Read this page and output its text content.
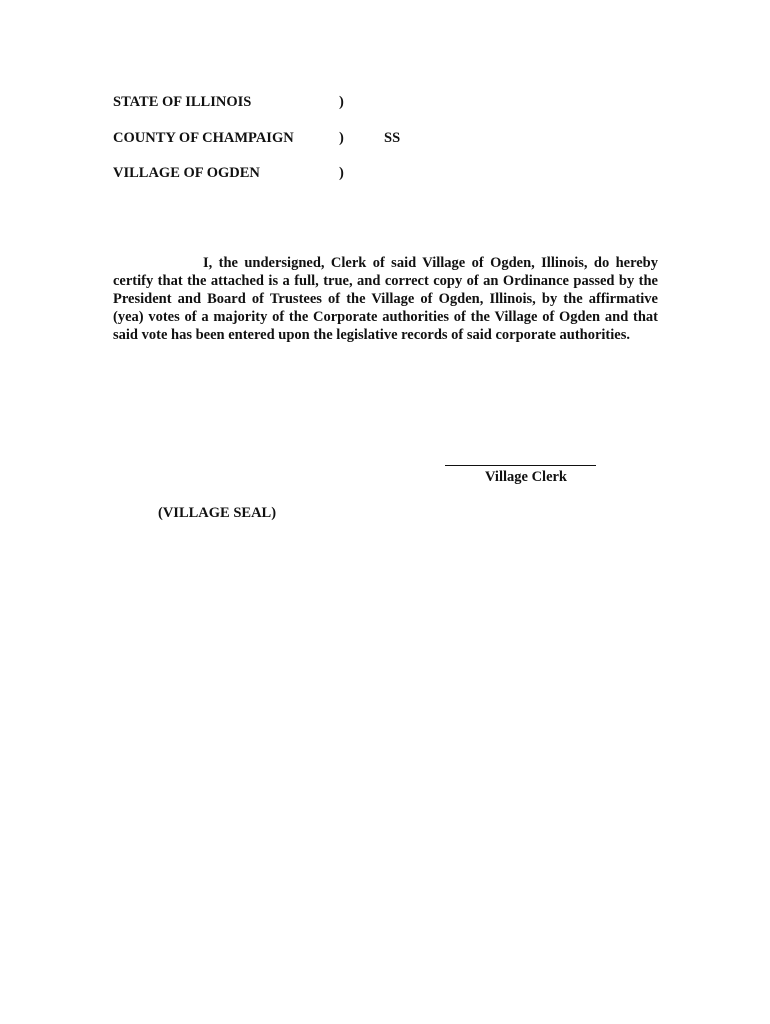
STATE OF ILLINOIS	)
COUNTY OF CHAMPAIGN	)	SS
VILLAGE OF OGDEN	)

I, the undersigned, Clerk of said Village of Ogden, Illinois, do hereby certify that the attached is a full, true, and correct copy of an Ordinance passed by the President and Board of Trustees of the Village of Ogden, Illinois, by the affirmative (yea) votes of a majority of the Corporate authorities of the Village of Ogden and that said vote has been entered upon the legislative records of said corporate authorities.

Village Clerk
(VILLAGE SEAL)
